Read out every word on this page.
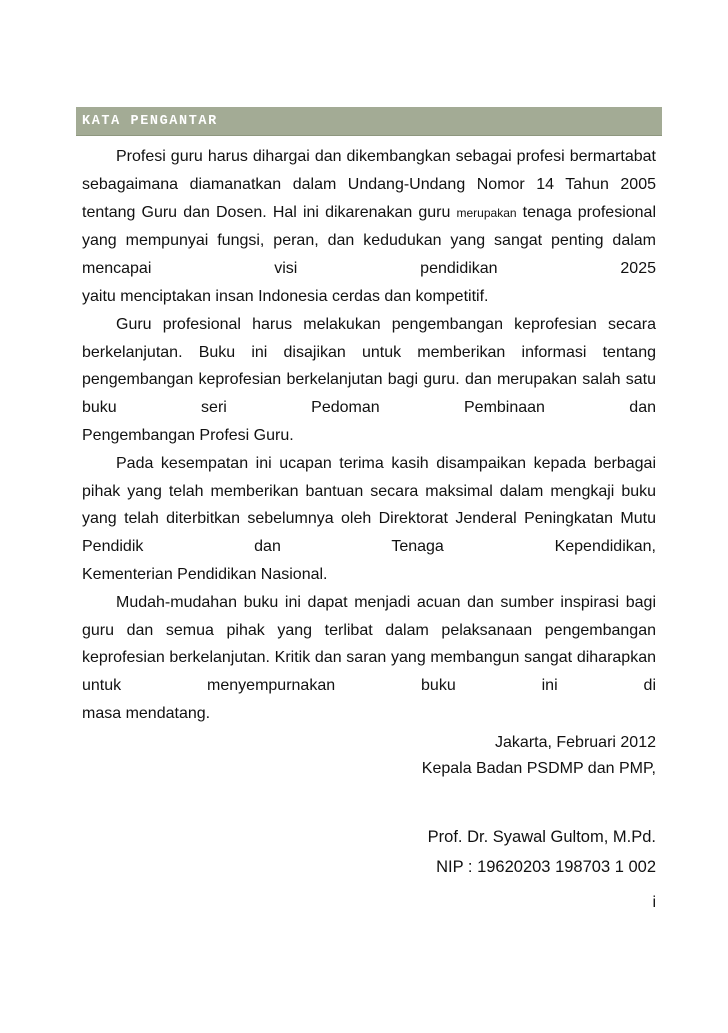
KATA PENGANTAR

Profesi guru harus dihargai dan dikembangkan sebagai profesi bermartabat sebagaimana diamanatkan dalam Undang-Undang Nomor 14 Tahun 2005 tentang Guru dan Dosen. Hal ini dikarenakan guru merupakan tenaga profesional yang mempunyai fungsi, peran, dan kedudukan yang sangat penting dalam mencapai visi pendidikan 2025
yaitu menciptakan insan Indonesia cerdas dan kompetitif.

Guru profesional harus melakukan pengembangan keprofesian secara berkelanjutan. Buku ini disajikan untuk memberikan informasi tentang pengembangan keprofesian berkelanjutan bagi guru. dan merupakan salah satu buku seri Pedoman Pembinaan dan
Pengembangan Profesi Guru.

Pada kesempatan ini ucapan terima kasih disampaikan kepada berbagai pihak yang telah memberikan bantuan secara maksimal dalam mengkaji buku yang telah diterbitkan sebelumnya oleh Direktorat Jenderal Peningkatan Mutu Pendidik dan Tenaga Kependidikan,
Kementerian Pendidikan Nasional.

Mudah-mudahan buku ini dapat menjadi acuan dan sumber inspirasi bagi guru dan semua pihak yang terlibat dalam pelaksanaan pengembangan keprofesian berkelanjutan. Kritik dan saran yang membangun sangat diharapkan untuk menyempurnakan buku ini di
masa mendatang.

Jakarta, Februari 2012
Kepala Badan PSDMP dan PMP,
Prof. Dr. Syawal Gultom, M.Pd.
NIP : 19620203 198703 1 002
i
